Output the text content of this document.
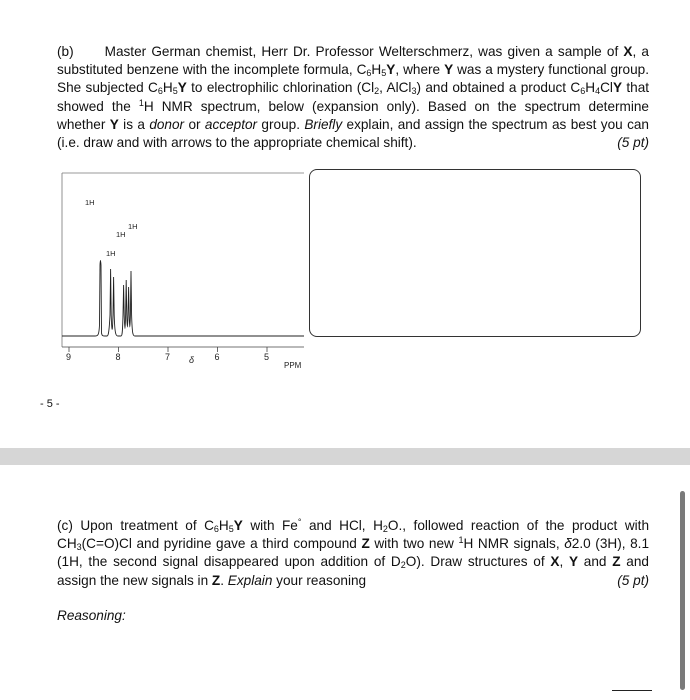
(b) Master German chemist, Herr Dr. Professor Welterschmerz, was given a sample of X, a substituted benzene with the incomplete formula, $C_6H_5Y$, where Y was a mystery functional group. She subjected $C_6H_5Y$ to electrophilic chlorination ($Cl_2$, AlCl$_3$) and obtained a product $C_6H_4ClY$ that showed the $^1$H NMR spectrum, below (expansion only). Based on the spectrum determine whether Y is a donor or acceptor group. Briefly explain, and assign the spectrum as best you can (i.e. draw and with arrows to the appropriate chemical shift).	(5 pt)

1H
1H
1H
1H
9	8	7	6	5
δ
PPM
- 5 -

(c) Upon treatment of $C_6H_5Y$ with Fe° and HCl, $H_2O$., followed reaction of the product with $CH_3(C=O)Cl$ and pyridine gave a third compound Z with two new $^1$H NMR signals, δ2.0 (3H), 8.1 (1H, the second signal disappeared upon addition of $D_2O$). Draw structures of X, Y and Z and assign the new signals in Z. Explain your reasoning	(5 pt)

Reasoning:
